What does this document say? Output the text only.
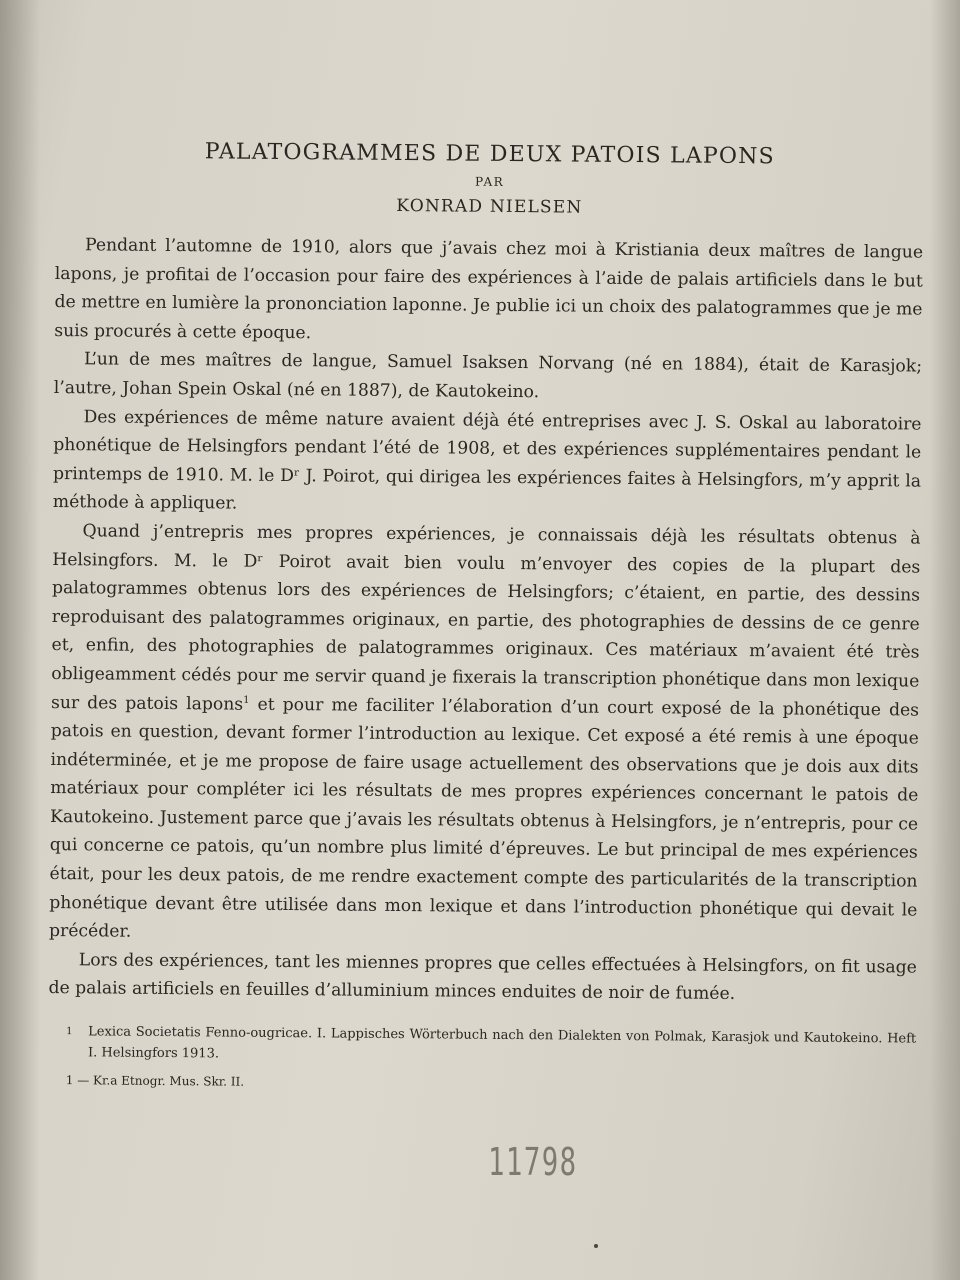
PALATOGRAMMES DE DEUX PATOIS LAPONS
PAR
KONRAD NIELSEN

Pendant l’automne de 1910, alors que j’avais chez moi à Kristiania deux maîtres de langue lapons, je profitai de l’occasion pour faire des expériences à l’aide de palais artificiels dans le but de mettre en lumière la prononciation laponne. Je publie ici un choix des palatogrammes que je me suis procurés à cette époque.

L’un de mes maîtres de langue, Samuel Isaksen Norvang (né en 1884), était de Karasjok; l’autre, Johan Spein Oskal (né en 1887), de Kautokeino.

Des expériences de même nature avaient déjà été entreprises avec J. S. Oskal au laboratoire phonétique de Helsingfors pendant l’été de 1908, et des expériences supplémentaires pendant le printemps de 1910. M. le Dʳ J. Poirot, qui dirigea les expériences faites à Helsingfors, m’y apprit la méthode à appliquer.

Quand j’entrepris mes propres expériences, je connaissais déjà les résultats obtenus à Helsingfors. M. le Dʳ Poirot avait bien voulu m’envoyer des copies de la plupart des palatogrammes obtenus lors des expériences de Helsingfors; c’étaient, en partie, des dessins reproduisant des palatogrammes originaux, en partie, des photographies de dessins de ce genre et, enfin, des photographies de palatogrammes originaux. Ces matériaux m’avaient été très obligeamment cédés pour me servir quand je fixerais la transcription phonétique dans mon lexique sur des patois lapons$^1$ et pour me faciliter l’élaboration d’un court exposé de la phonétique des patois en question, devant former l’introduction au lexique. Cet exposé a été remis à une époque indéterminée, et je me propose de faire usage actuellement des observations que je dois aux dits matériaux pour compléter ici les résultats de mes propres expériences concernant le patois de Kautokeino. Justement parce que j’avais les résultats obtenus à Helsingfors, je n’entrepris, pour ce qui concerne ce patois, qu’un nombre plus limité d’épreuves. Le but principal de mes expériences était, pour les deux patois, de me rendre exactement compte des particularités de la transcription phonétique devant être utilisée dans mon lexique et dans l’introduction phonétique qui devait le précéder.

Lors des expériences, tant les miennes propres que celles effectuées à Helsingfors, on fit usage de palais artificiels en feuilles d’alluminium minces enduites de noir de fumée.

1 Lexica Societatis Fenno-ougricae. I. Lappisches Wörterbuch nach den Dialekten von Polmak, Karasjok und Kautokeino. Heft I. Helsingfors 1913.
1 — Kr.a Etnogr. Mus. Skr. II.
11798
